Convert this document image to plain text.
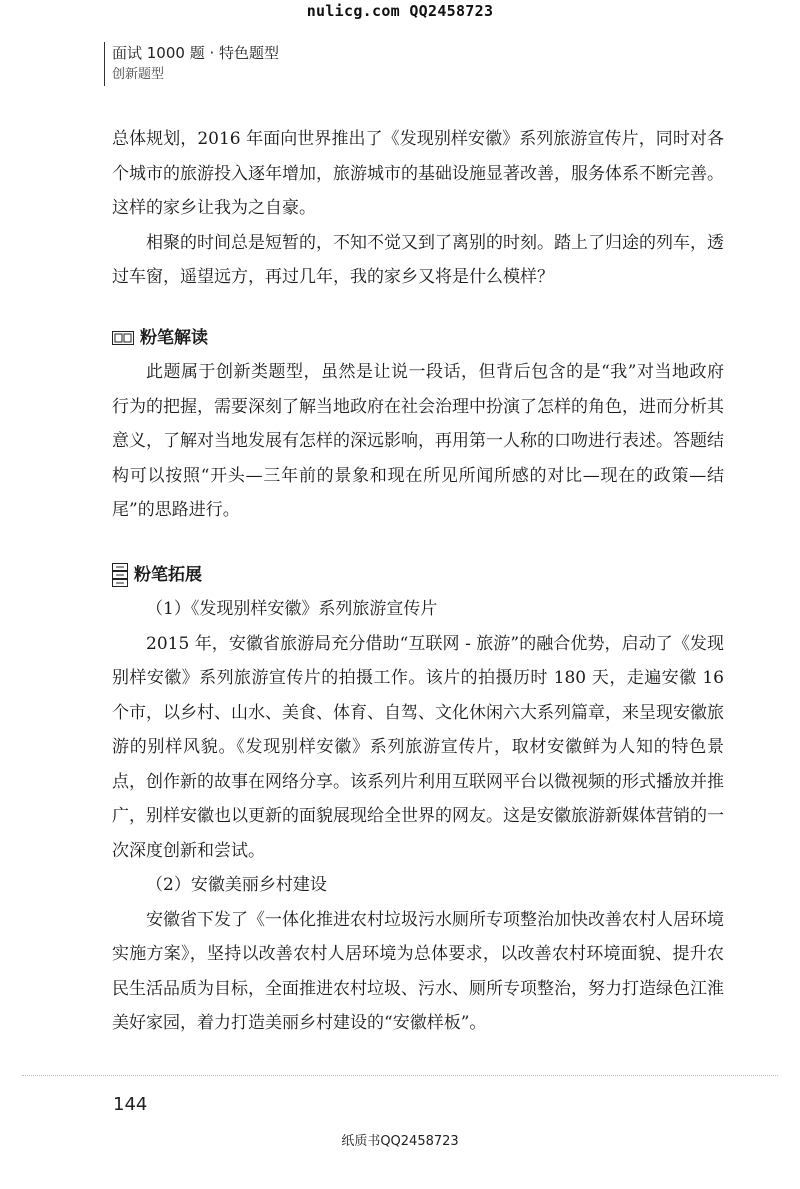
nulicg.com QQ2458723
面试 1000 题 · 特色题型
创新题型

总体规划，2016 年面向世界推出了《发现别样安徽》系列旅游宣传片，同时对各个城市的旅游投入逐年增加，旅游城市的基础设施显著改善，服务体系不断完善。这样的家乡让我为之自豪。

相聚的时间总是短暂的，不知不觉又到了离别的时刻。踏上了归途的列车，透过车窗，遥望远方，再过几年，我的家乡又将是什么模样？

粉笔解读

此题属于创新类题型，虽然是让说一段话，但背后包含的是“我”对当地政府行为的把握，需要深刻了解当地政府在社会治理中扮演了怎样的角色，进而分析其意义，了解对当地发展有怎样的深远影响，再用第一人称的口吻进行表述。答题结构可以按照“开头—三年前的景象和现在所见所闻所感的对比—现在的政策—结尾”的思路进行。

粉笔拓展

（1）《发现别样安徽》系列旅游宣传片

2015 年，安徽省旅游局充分借助“互联网 - 旅游”的融合优势，启动了《发现别样安徽》系列旅游宣传片的拍摄工作。该片的拍摄历时 180 天，走遍安徽 16 个市，以乡村、山水、美食、体育、自驾、文化休闲六大系列篇章，来呈现安徽旅游的别样风貌。《发现别样安徽》系列旅游宣传片，取材安徽鲜为人知的特色景点，创作新的故事在网络分享。该系列片利用互联网平台以微视频的形式播放并推广，别样安徽也以更新的面貌展现给全世界的网友。这是安徽旅游新媒体营销的一次深度创新和尝试。

（2）安徽美丽乡村建设

安徽省下发了《一体化推进农村垃圾污水厕所专项整治加快改善农村人居环境实施方案》，坚持以改善农村人居环境为总体要求，以改善农村环境面貌、提升农民生活品质为目标，全面推进农村垃圾、污水、厕所专项整治，努力打造绿色江淮美好家园，着力打造美丽乡村建设的“安徽样板”。

144
纸质书QQ2458723
